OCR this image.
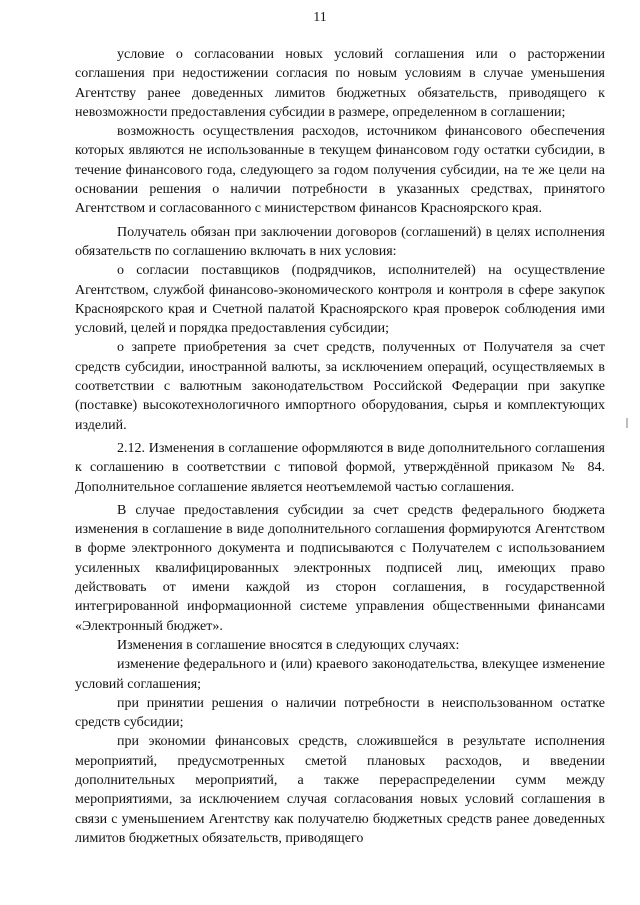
11

условие о согласовании новых условий соглашения или о расторжении соглашения при недостижении согласия по новым условиям в случае уменьшения Агентству ранее доведенных лимитов бюджетных обязательств, приводящего к невозможности предоставления субсидии в размере, определенном в соглашении;

возможность осуществления расходов, источником финансового обеспечения которых являются не использованные в текущем финансовом году остатки субсидии, в течение финансового года, следующего за годом получения субсидии, на те же цели на основании решения о наличии потребности в указанных средствах, принятого Агентством и согласованного с министерством финансов Красноярского края.

Получатель обязан при заключении договоров (соглашений) в целях исполнения обязательств по соглашению включать в них условия:

о согласии поставщиков (подрядчиков, исполнителей) на осуществление Агентством, службой финансово-экономического контроля и контроля в сфере закупок Красноярского края и Счетной палатой Красноярского края проверок соблюдения ими условий, целей и порядка предоставления субсидии;

о запрете приобретения за счет средств, полученных от Получателя за счет средств субсидии, иностранной валюты, за исключением операций, осуществляемых в соответствии с валютным законодательством Российской Федерации при закупке (поставке) высокотехнологичного импортного оборудования, сырья и комплектующих изделий.

2.12. Изменения в соглашение оформляются в виде дополнительного соглашения к соглашению в соответствии с типовой формой, утверждённой приказом № 84. Дополнительное соглашение является неотъемлемой частью соглашения.

В случае предоставления субсидии за счет средств федерального бюджета изменения в соглашение в виде дополнительного соглашения формируются Агентством в форме электронного документа и подписываются с Получателем с использованием усиленных квалифицированных электронных подписей лиц, имеющих право действовать от имени каждой из сторон соглашения, в государственной интегрированной информационной системе управления общественными финансами «Электронный бюджет».

Изменения в соглашение вносятся в следующих случаях:

изменение федерального и (или) краевого законодательства, влекущее изменение условий соглашения;

при принятии решения о наличии потребности в неиспользованном остатке средств субсидии;

при экономии финансовых средств, сложившейся в результате исполнения мероприятий, предусмотренных сметой плановых расходов, и введении дополнительных мероприятий, а также перераспределении сумм между мероприятиями, за исключением случая согласования новых условий соглашения в связи с уменьшением Агентству как получателю бюджетных средств ранее доведенных лимитов бюджетных обязательств, приводящего
